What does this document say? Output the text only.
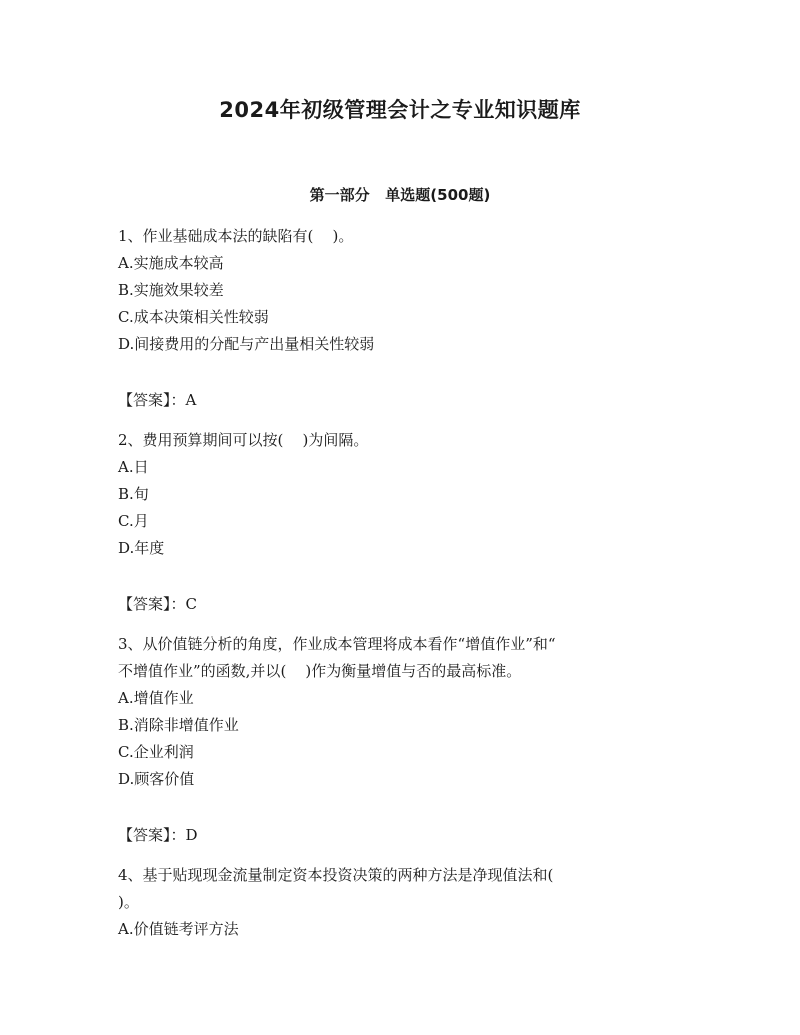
2024年初级管理会计之专业知识题库
第一部分   单选题(500题)
1、作业基础成本法的缺陷有(    )。
A.实施成本较高
B.实施效果较差
C.成本决策相关性较弱
D.间接费用的分配与产出量相关性较弱
【答案】：A
2、费用预算期间可以按(    )为间隔。
A.日
B.旬
C.月
D.年度
【答案】：C
3、从价值链分析的角度，作业成本管理将成本看作“增值作业”和“
不增值作业”的函数,并以(    )作为衡量增值与否的最高标准。
A.增值作业
B.消除非增值作业
C.企业利润
D.顾客价值
【答案】：D
4、基于贴现现金流量制定资本投资决策的两种方法是净现值法和(
)。
A.价值链考评方法
